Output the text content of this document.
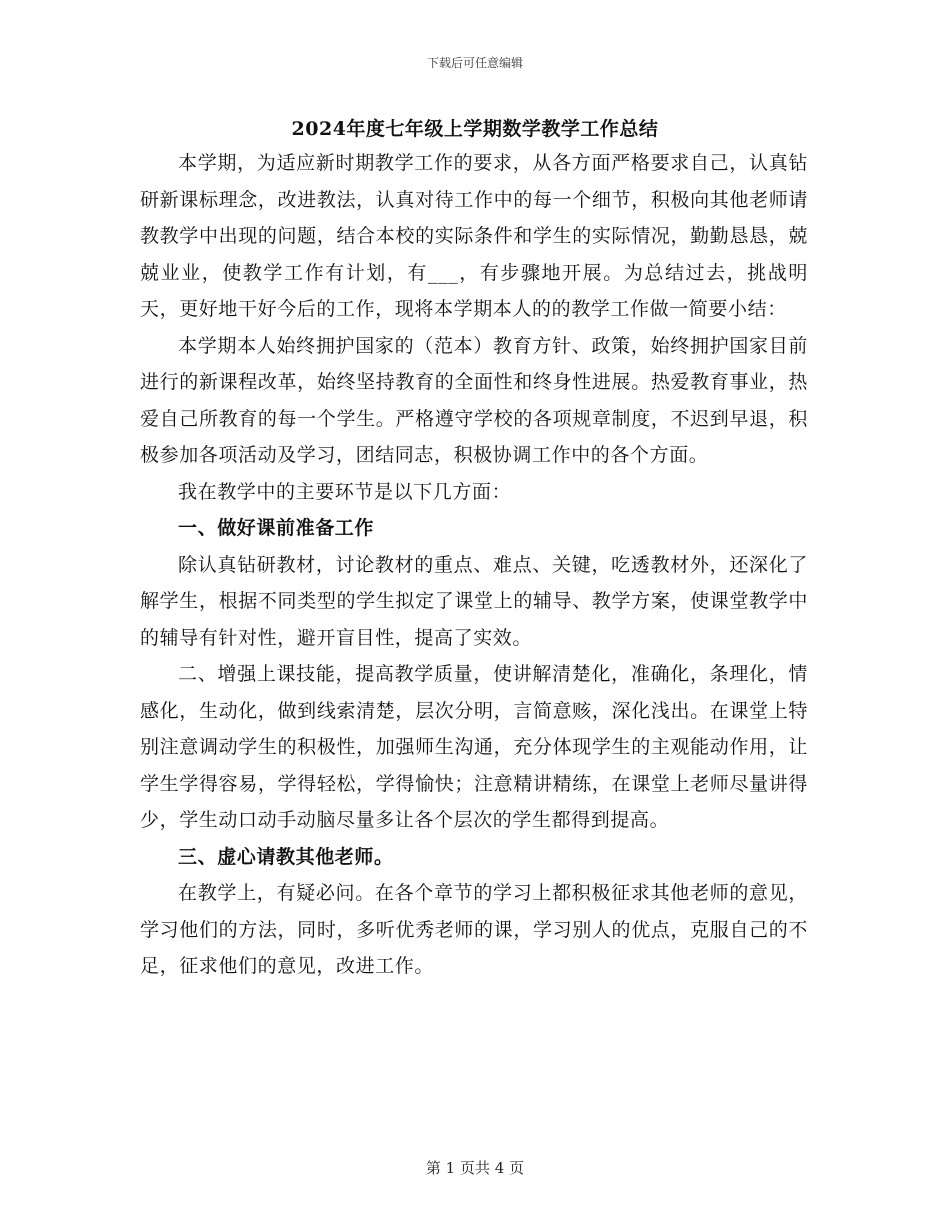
下载后可任意编辑
2024年度七年级上学期数学教学工作总结

本学期，为适应新时期教学工作的要求，从各方面严格要求自己，认真钻研新课标理念，改进教法，认真对待工作中的每一个细节，积极向其他老师请教教学中出现的问题，结合本校的实际条件和学生的实际情况，勤勤恳恳，兢兢业业，使教学工作有计划，有___，有步骤地开展。为总结过去，挑战明天，更好地干好今后的工作，现将本学期本人的的教学工作做一简要小结：

本学期本人始终拥护国家的（范本）教育方针、政策，始终拥护国家目前进行的新课程改革，始终坚持教育的全面性和终身性进展。热爱教育事业，热爱自己所教育的每一个学生。严格遵守学校的各项规章制度，不迟到早退，积极参加各项活动及学习，团结同志，积极协调工作中的各个方面。

我在教学中的主要环节是以下几方面：

一、做好课前准备工作

除认真钻研教材，讨论教材的重点、难点、关键，吃透教材外，还深化了解学生，根据不同类型的学生拟定了课堂上的辅导、教学方案，使课堂教学中的辅导有针对性，避开盲目性，提高了实效。

二、增强上课技能，提高教学质量，使讲解清楚化，准确化，条理化，情感化，生动化，做到线索清楚，层次分明，言简意赅，深化浅出。在课堂上特别注意调动学生的积极性，加强师生沟通，充分体现学生的主观能动作用，让学生学得容易，学得轻松，学得愉快；注意精讲精练，在课堂上老师尽量讲得少，学生动口动手动脑尽量多让各个层次的学生都得到提高。

三、虚心请教其他老师。

在教学上，有疑必问。在各个章节的学习上都积极征求其他老师的意见，学习他们的方法，同时，多听优秀老师的课，学习别人的优点，克服自己的不足，征求他们的意见，改进工作。

第 1 页共 4 页
